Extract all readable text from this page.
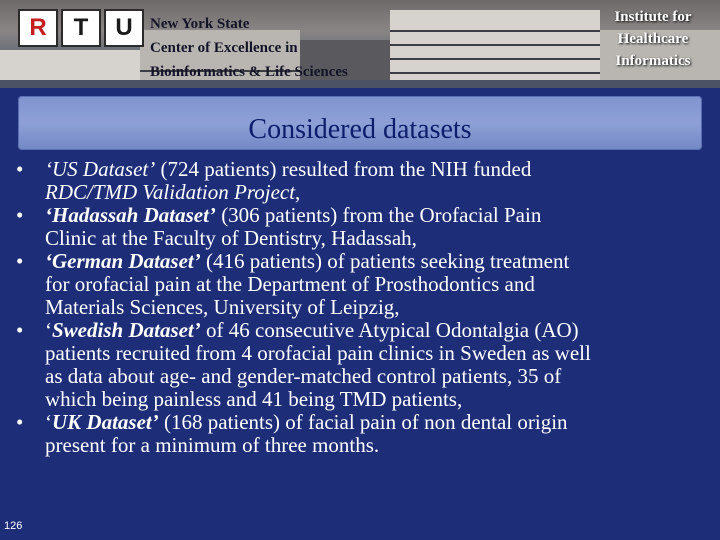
R	T	U	New York State
Center of Excellence in
Bioinformatics & Life Sciences
Institute for
Healthcare
Informatics
Considered datasets
• ‘US Dataset’ (724 patients) resulted from the NIH funded
RDC/TMD Validation Project,
• ‘Hadassah Dataset’ (306 patients) from the Orofacial Pain
Clinic at the Faculty of Dentistry, Hadassah,
• ‘German Dataset’ (416 patients) of patients seeking treatment
for orofacial pain at the Department of Prosthodontics and
Materials Sciences, University of Leipzig,
• ‘Swedish Dataset’ of 46 consecutive Atypical Odontalgia (AO)
patients recruited from 4 orofacial pain clinics in Sweden as well
as data about age- and gender-matched control patients, 35 of
which being painless and 41 being TMD patients,
• ‘UK Dataset’ (168 patients) of facial pain of non dental origin
present for a minimum of three months.
126
